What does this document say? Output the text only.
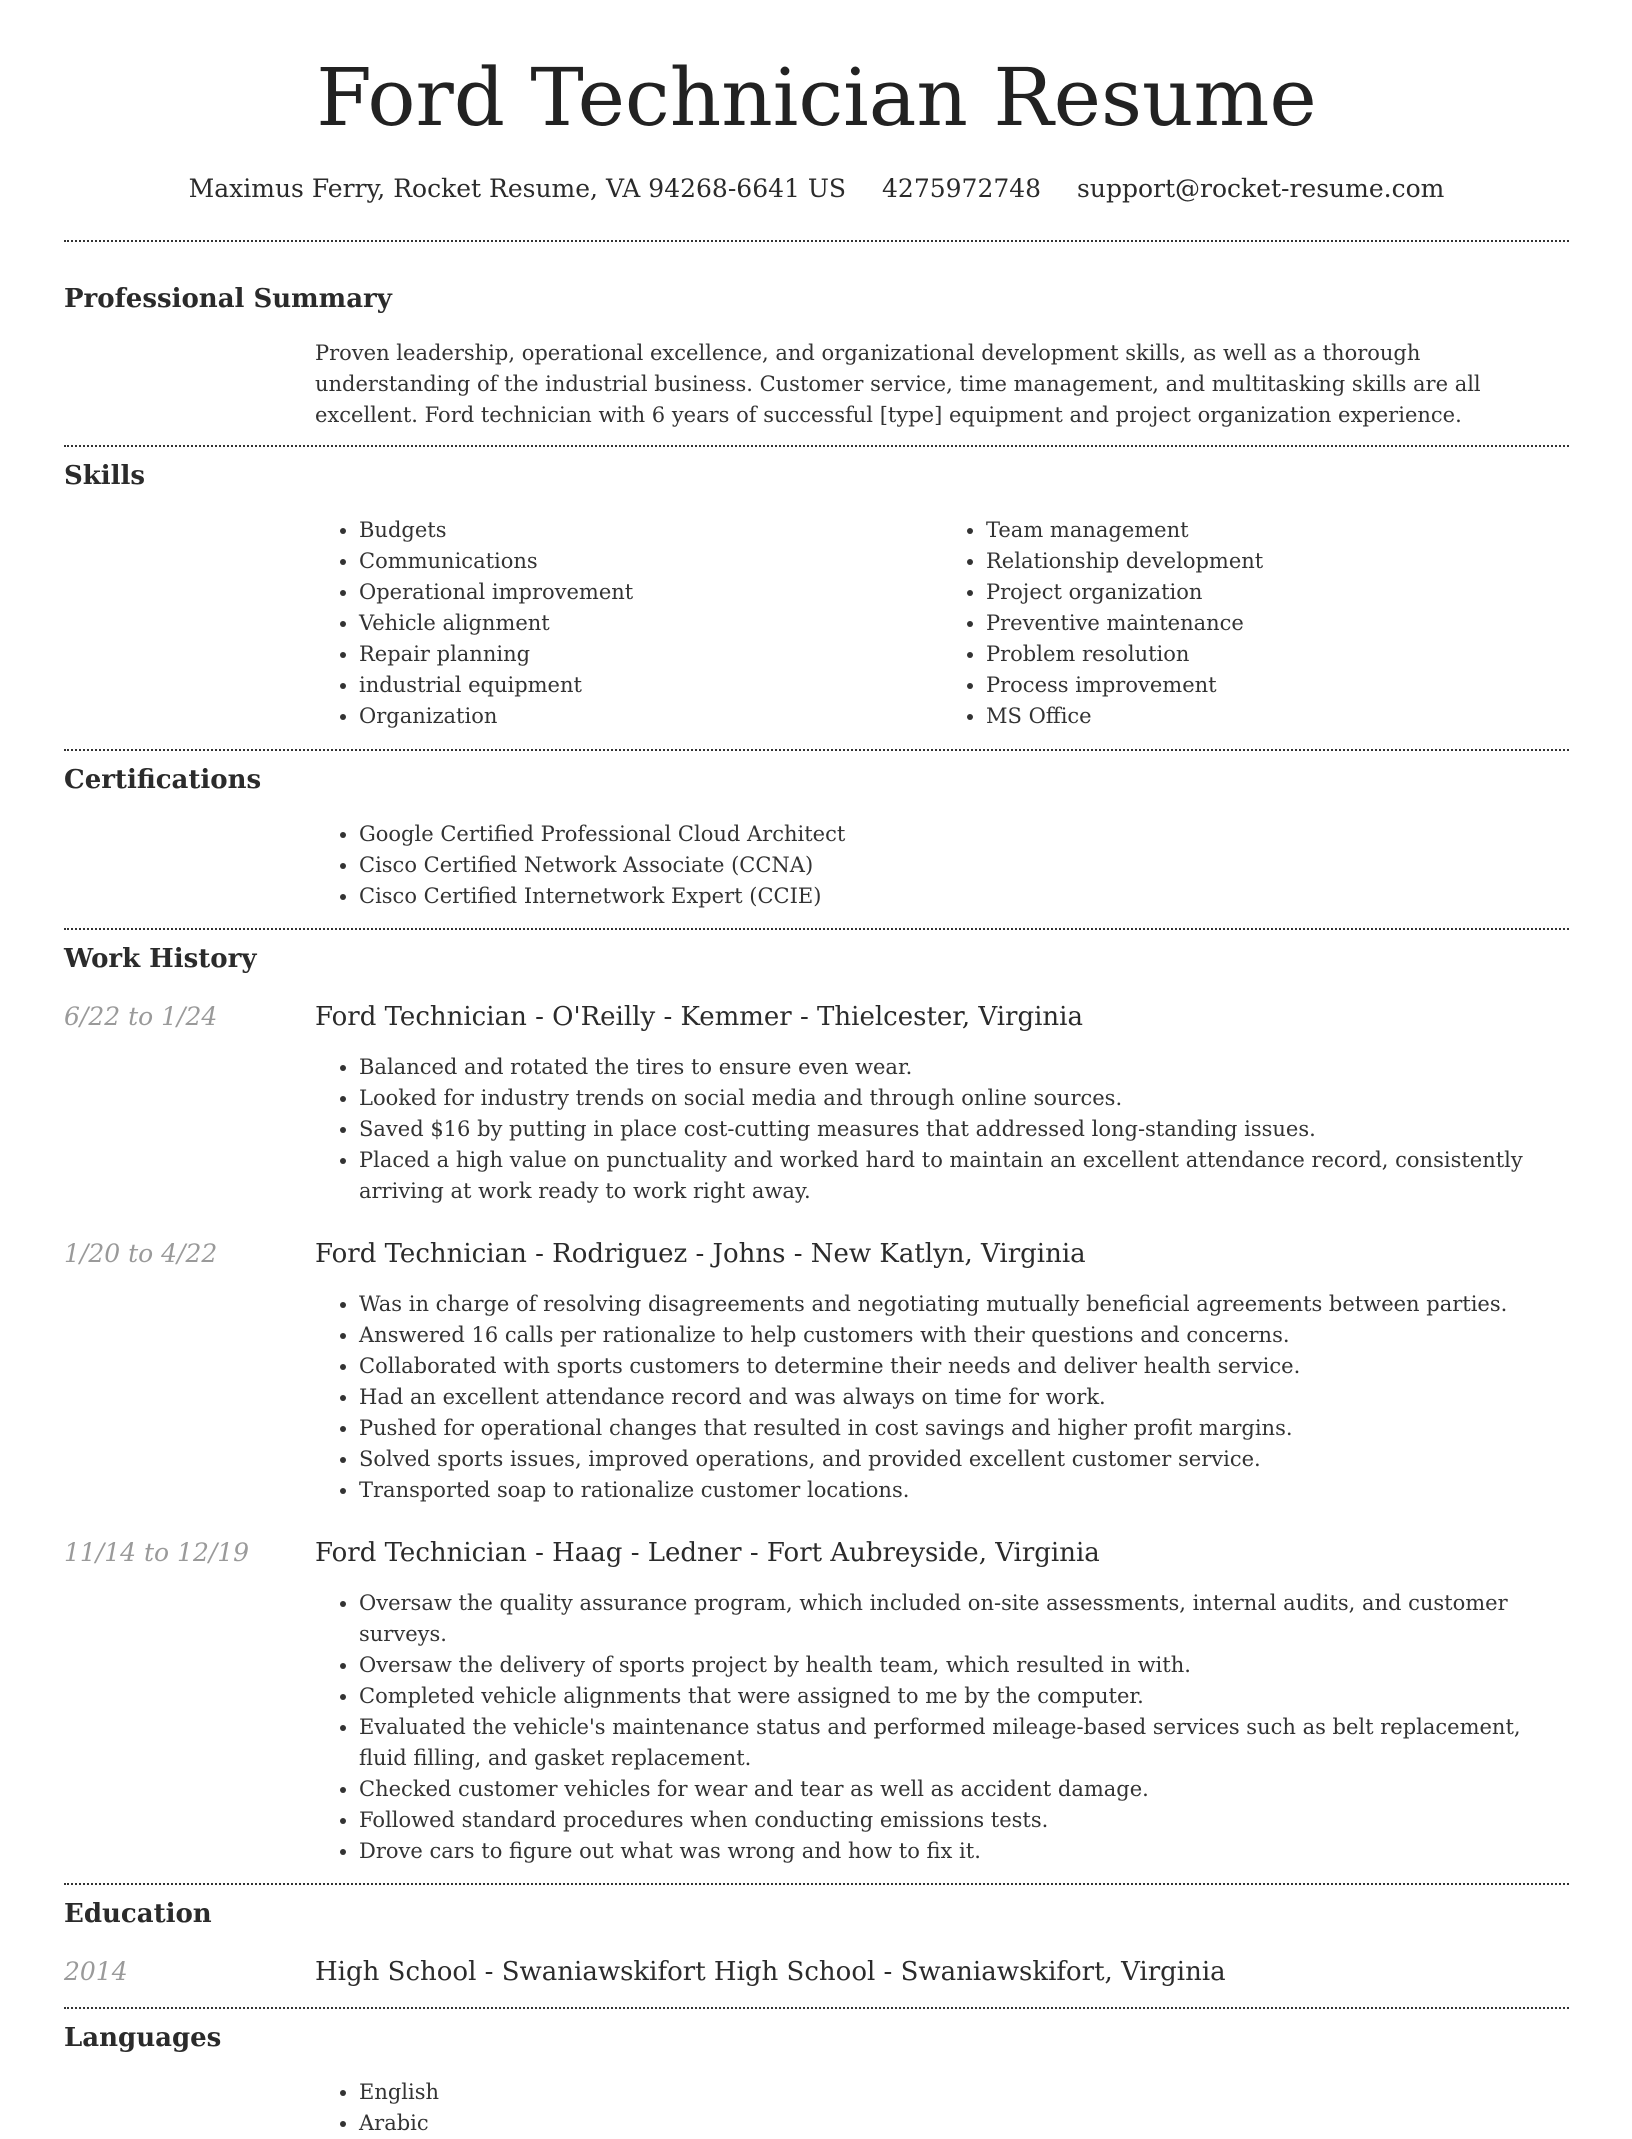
Ford Technician Resume
Maximus Ferry, Rocket Resume, VA 94268-6641 US 4275972748 support@rocket-resume.com
Professional Summary

Proven leadership, operational excellence, and organizational development skills, as well as a thorough understanding of the industrial business. Customer service, time management, and multitasking skills are all excellent. Ford technician with 6 years of successful [type] equipment and project organization experience.

Skills
• Budgets
• Communications
• Operational improvement
• Vehicle alignment
• Repair planning
• industrial equipment
• Organization
• Team management
• Relationship development
• Project organization
• Preventive maintenance
• Problem resolution
• Process improvement
• MS Office
Certifications
• Google Certified Professional Cloud Architect
• Cisco Certified Network Associate (CCNA)
• Cisco Certified Internetwork Expert (CCIE)
Work History
6/22 to 1/24	Ford Technician - O'Reilly - Kemmer - Thielcester, Virginia
• Balanced and rotated the tires to ensure even wear.
• Looked for industry trends on social media and through online sources.
• Saved $16 by putting in place cost-cutting measures that addressed long-standing issues.
• Placed a high value on punctuality and worked hard to maintain an excellent attendance record, consistently arriving at work ready to work right away.
1/20 to 4/22	Ford Technician - Rodriguez - Johns - New Katlyn, Virginia
• Was in charge of resolving disagreements and negotiating mutually beneficial agreements between parties.
• Answered 16 calls per rationalize to help customers with their questions and concerns.
• Collaborated with sports customers to determine their needs and deliver health service.
• Had an excellent attendance record and was always on time for work.
• Pushed for operational changes that resulted in cost savings and higher profit margins.
• Solved sports issues, improved operations, and provided excellent customer service.
• Transported soap to rationalize customer locations.
11/14 to 12/19	Ford Technician - Haag - Ledner - Fort Aubreyside, Virginia
• Oversaw the quality assurance program, which included on-site assessments, internal audits, and customer surveys.
• Oversaw the delivery of sports project by health team, which resulted in with.
• Completed vehicle alignments that were assigned to me by the computer.
• Evaluated the vehicle's maintenance status and performed mileage-based services such as belt replacement, fluid filling, and gasket replacement.
• Checked customer vehicles for wear and tear as well as accident damage.
• Followed standard procedures when conducting emissions tests.
• Drove cars to figure out what was wrong and how to fix it.
Education
2014	High School - Swaniawskifort High School - Swaniawskifort, Virginia
Languages
• English
• Arabic
